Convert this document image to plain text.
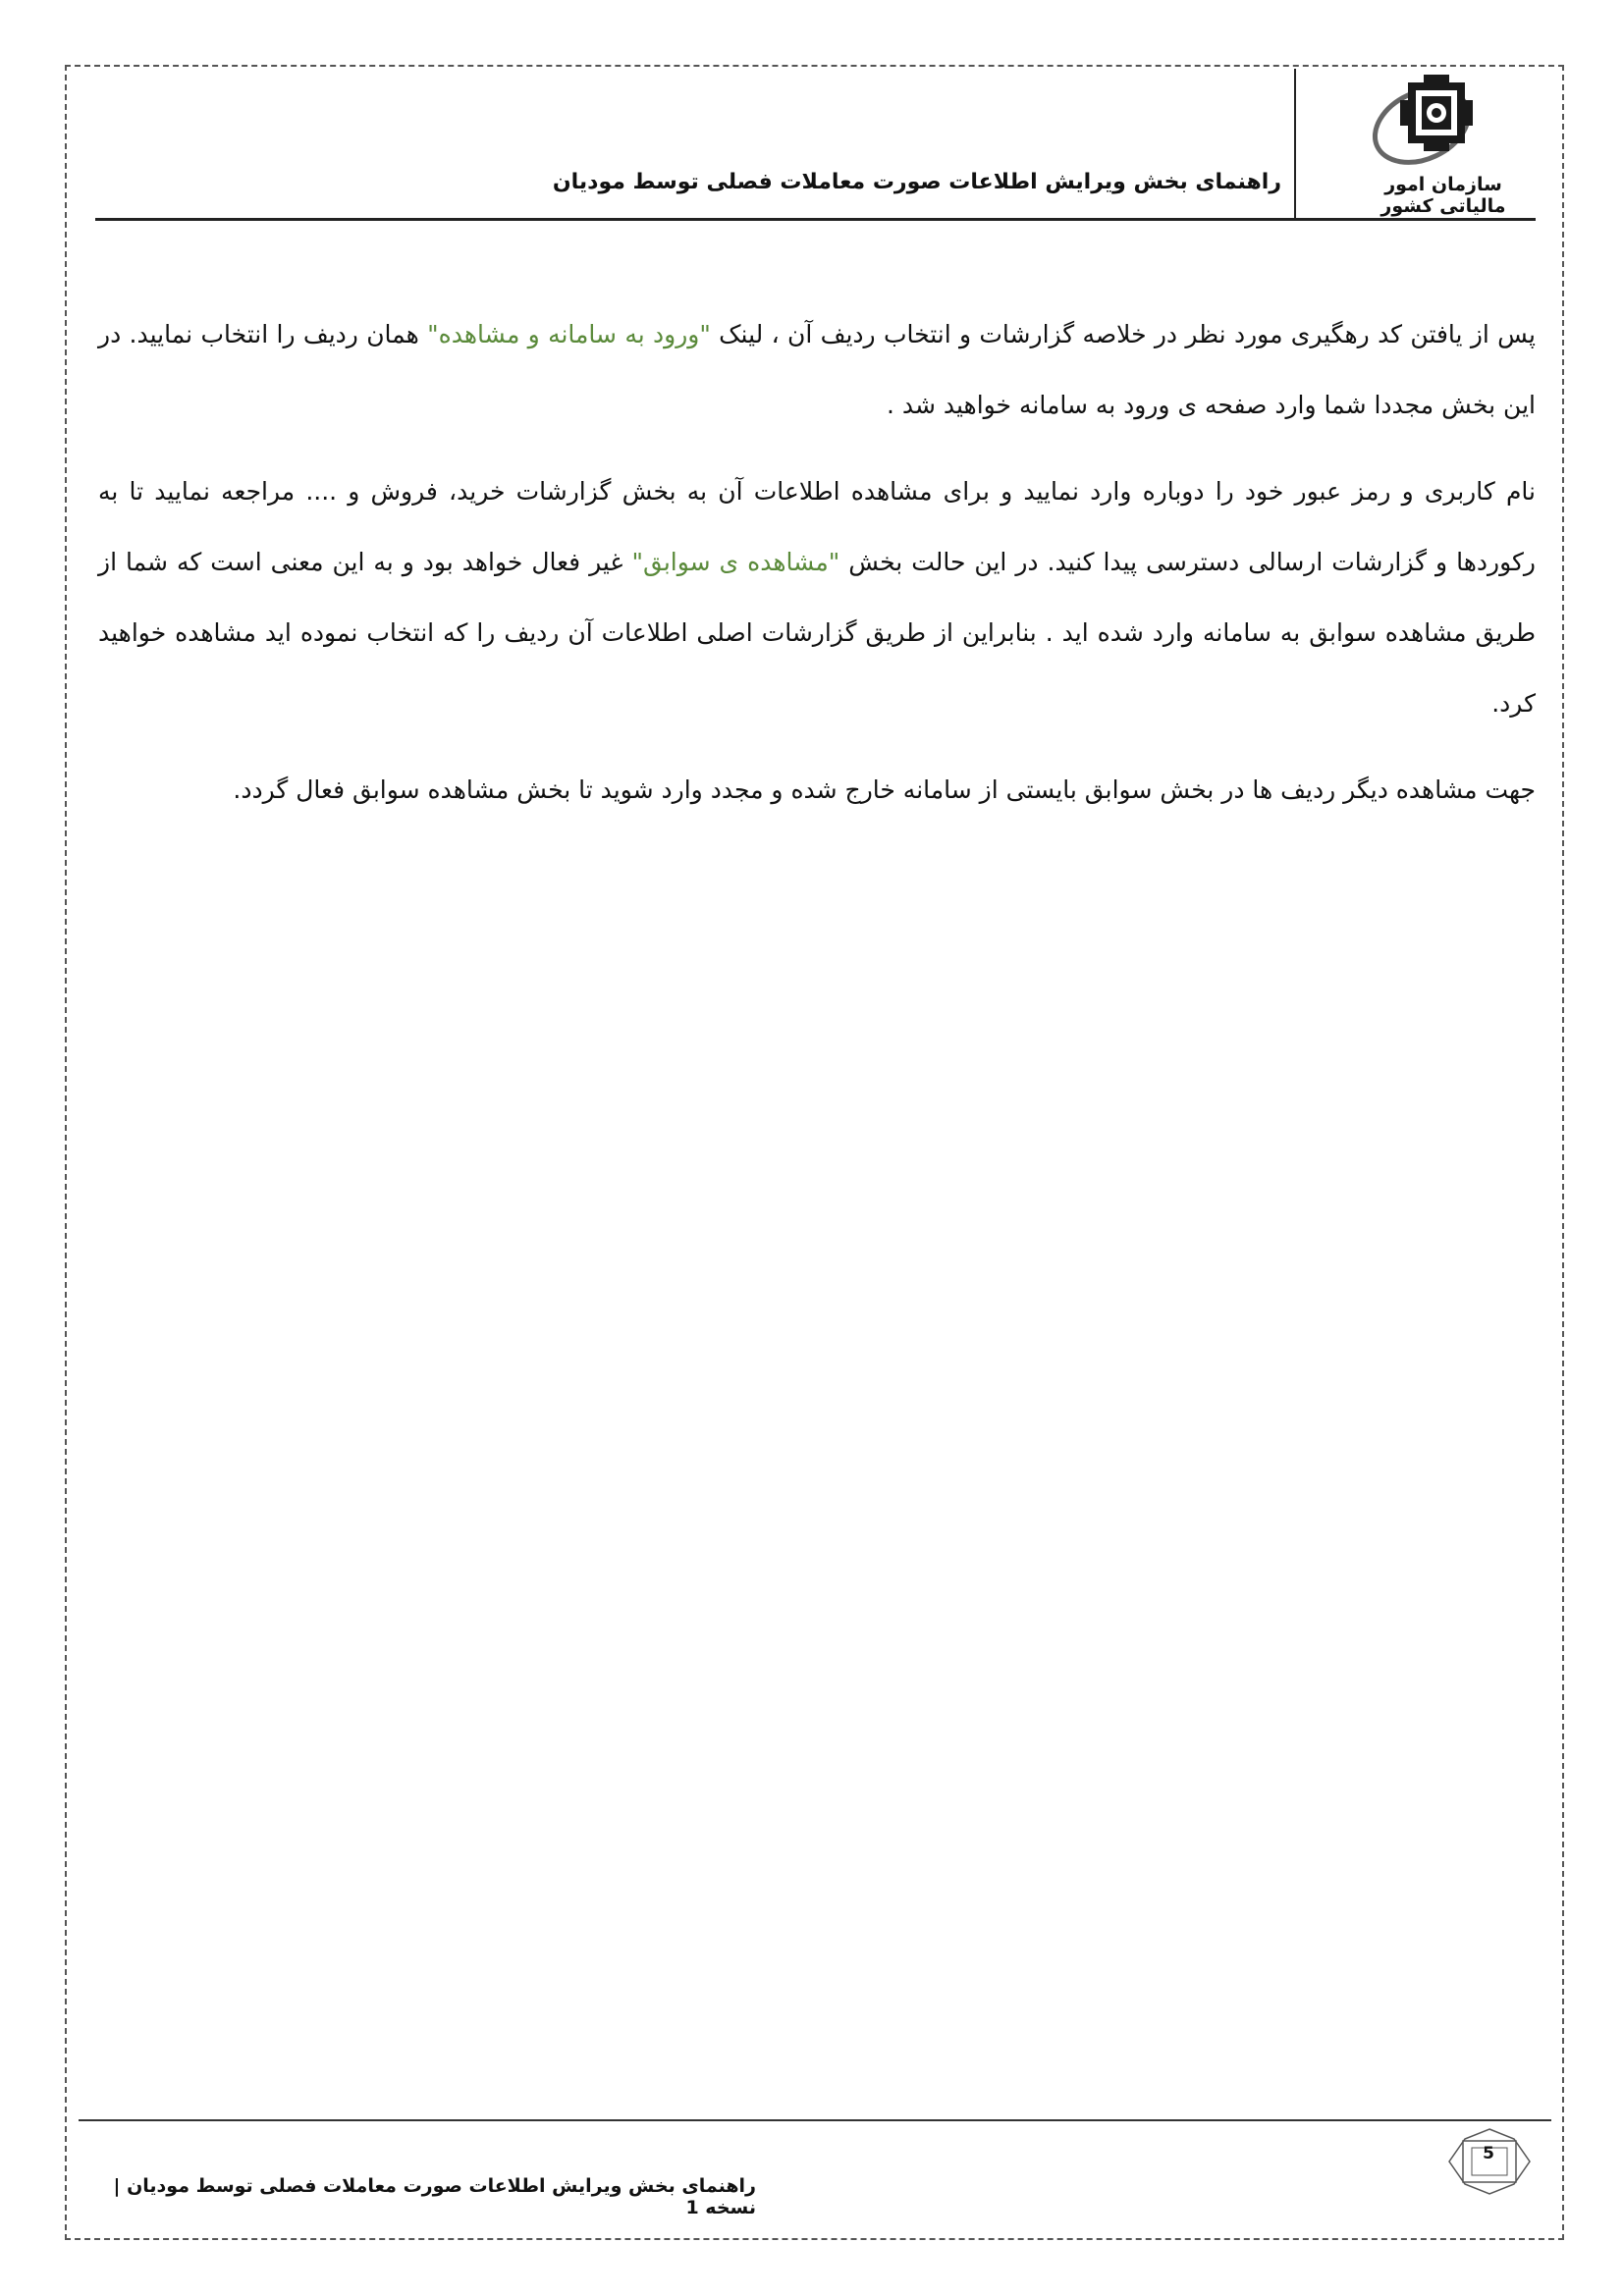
سازمان امور مالیاتی کشور
راهنمای بخش ویرایش اطلاعات صورت معاملات فصلی توسط مودیان

پس از یافتن کد رهگیری مورد نظر در خلاصه گزارشات و انتخاب ردیف آن ، لینک "ورود به سامانه و مشاهده" همان ردیف را انتخاب نمایید. در این بخش مجددا شما وارد صفحه ی ورود به سامانه خواهید شد .

نام کاربری و رمز عبور خود را دوباره وارد نمایید و برای مشاهده اطلاعات آن به بخش گزارشات خرید، فروش و .... مراجعه نمایید تا به رکوردها و گزارشات ارسالی دسترسی پیدا کنید. در این حالت بخش "مشاهده ی سوابق" غیر فعال خواهد بود و به این معنی است که شما از طریق مشاهده سوابق به سامانه وارد شده اید . بنابراین از طریق گزارشات اصلی اطلاعات آن ردیف را که انتخاب نموده اید مشاهده خواهید کرد.

جهت مشاهده دیگر ردیف ها در بخش سوابق بایستی از سامانه خارج شده و مجدد وارد شوید تا بخش مشاهده سوابق فعال گردد.

راهنمای بخش ویرایش اطلاعات صورت معاملات فصلی توسط مودیان | نسخه 1
5
